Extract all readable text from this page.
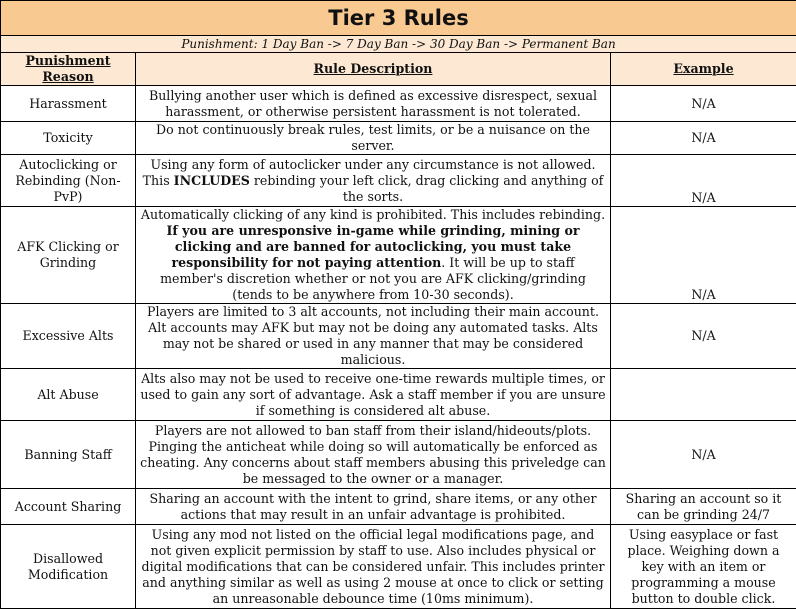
Tier 3 Rules		
Punishment: 1 Day Ban -> 7 Day Ban -> 30 Day Ban -> Permanent Ban		
Punishment Reason	Rule Description	Example
Harassment	Bullying another user which is defined as excessive disrespect, sexual harassment, or otherwise persistent harassment is not tolerated.	N/A
Toxicity	Do not continuously break rules, test limits, or be a nuisance on the server.	N/A
Autoclicking or Rebinding (Non-PvP)	Using any form of autoclicker under any circumstance is not allowed. This INCLUDES rebinding your left click, drag clicking and anything of the sorts.	N/A
AFK Clicking or Grinding	Automatically clicking of any kind is prohibited. This includes rebinding. If you are unresponsive in-game while grinding, mining or clicking and are banned for autoclicking, you must take responsibility for not paying attention. It will be up to staff member's discretion whether or not you are AFK clicking/grinding (tends to be anywhere from 10-30 seconds).	N/A
Excessive Alts	Players are limited to 3 alt accounts, not including their main account. Alt accounts may AFK but may not be doing any automated tasks. Alts may not be shared or used in any manner that may be considered malicious.	N/A
Alt Abuse	Alts also may not be used to receive one-time rewards multiple times, or used to gain any sort of advantage. Ask a staff member if you are unsure if something is considered alt abuse.	
Banning Staff	Players are not allowed to ban staff from their island/hideouts/plots. Pinging the anticheat while doing so will automatically be enforced as cheating. Any concerns about staff members abusing this priveledge can be messaged to the owner or a manager.	N/A
Account Sharing	Sharing an account with the intent to grind, share items, or any other actions that may result in an unfair advantage is prohibited.	Sharing an account so it can be grinding 24/7
Disallowed Modification	Using any mod not listed on the official legal modifications page, and not given explicit permission by staff to use. Also includes physical or digital modifications that can be considered unfair. This includes printer and anything similar as well as using 2 mouse at once to click or setting an unreasonable debounce time (10ms minimum).	Using easyplace or fast place. Weighing down a key with an item or programming a mouse button to double click.
